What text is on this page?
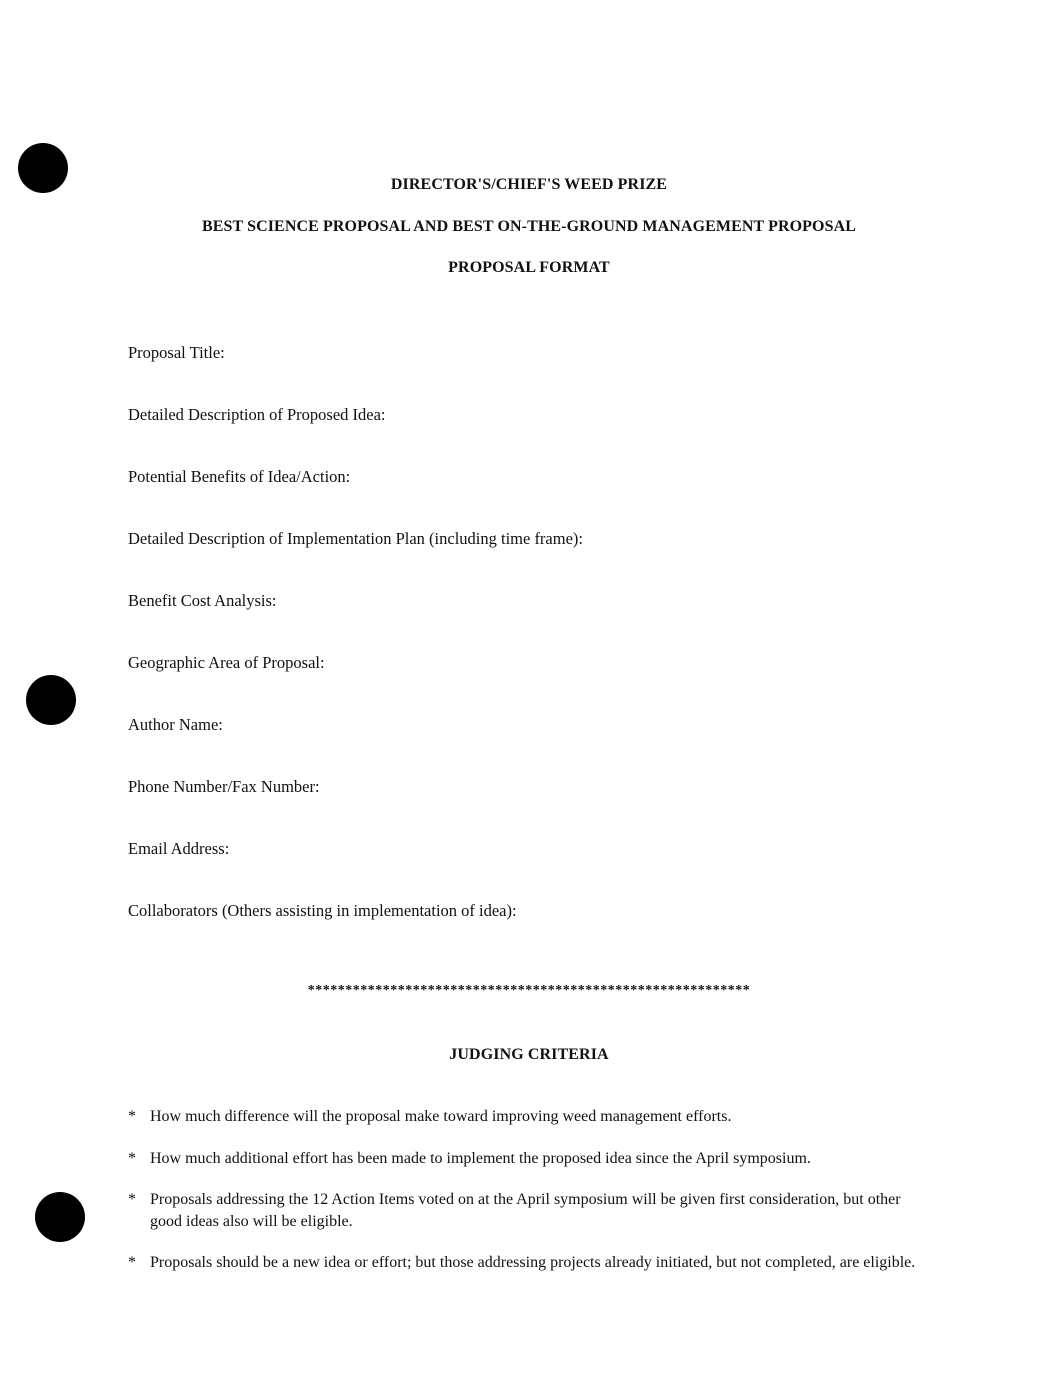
DIRECTOR'S/CHIEF'S WEED PRIZE
BEST SCIENCE PROPOSAL AND BEST ON-THE-GROUND MANAGEMENT PROPOSAL
PROPOSAL FORMAT
Proposal Title:
Detailed Description of Proposed Idea:
Potential Benefits of Idea/Action:
Detailed Description of Implementation Plan (including time frame):
Benefit Cost Analysis:
Geographic Area of Proposal:
Author Name:
Phone Number/Fax Number:
Email Address:
Collaborators (Others assisting in implementation of idea):
***********************************************************
JUDGING CRITERIA
* How much difference will the proposal make toward improving weed management efforts.
* How much additional effort has been made to implement the proposed idea since the April symposium.
* Proposals addressing the 12 Action Items voted on at the April symposium will be given first consideration, but other good ideas also will be eligible.
* Proposals should be a new idea or effort; but those addressing projects already initiated, but not completed, are eligible.
